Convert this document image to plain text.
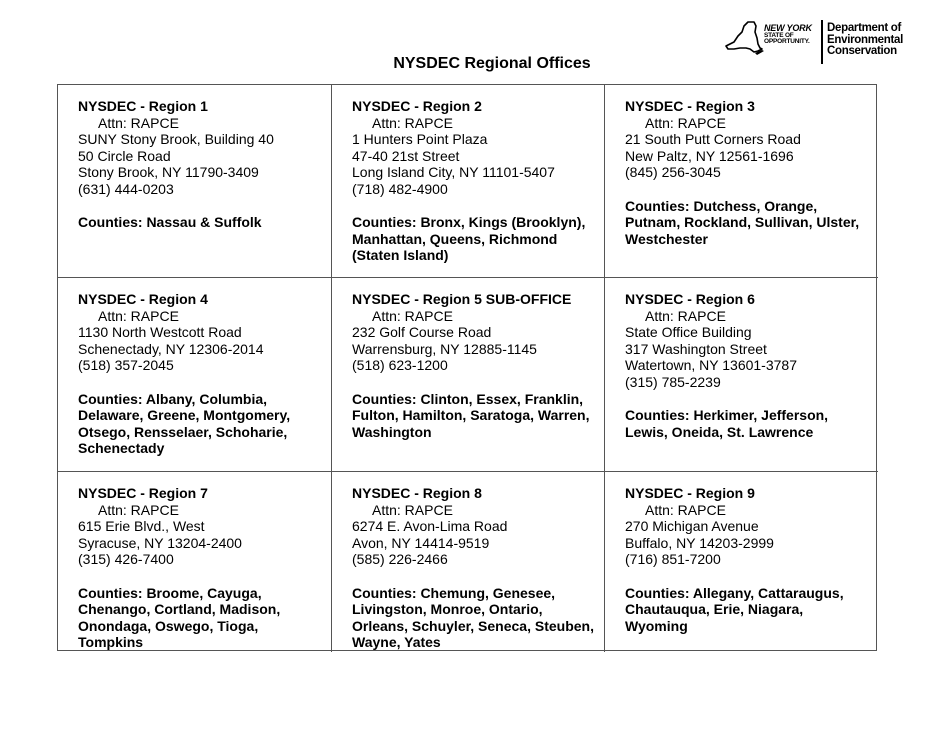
NEW YORK
STATE OF
OPPORTUNITY.
Department of
Environmental
Conservation
NYSDEC Regional Offices
NYSDEC - Region 1
Attn: RAPCE
SUNY Stony Brook, Building 40
50 Circle Road
Stony Brook, NY 11790-3409
(631) 444-0203
Counties: Nassau & Suffolk
NYSDEC - Region 2
Attn: RAPCE
1 Hunters Point Plaza
47-40 21st Street
Long Island City, NY 11101-5407
(718) 482-4900
Counties: Bronx, Kings (Brooklyn), Manhattan, Queens, Richmond (Staten Island)
NYSDEC - Region 3
Attn: RAPCE
21 South Putt Corners Road
New Paltz, NY 12561-1696
(845) 256-3045
Counties: Dutchess, Orange, Putnam, Rockland, Sullivan, Ulster, Westchester
NYSDEC - Region 4
Attn: RAPCE
1130 North Westcott Road
Schenectady, NY 12306-2014
(518) 357-2045
Counties: Albany, Columbia, Delaware, Greene, Montgomery, Otsego, Rensselaer, Schoharie, Schenectady
NYSDEC - Region 5 SUB-OFFICE
Attn: RAPCE
232 Golf Course Road
Warrensburg, NY 12885-1145
(518) 623-1200
Counties: Clinton, Essex, Franklin, Fulton, Hamilton, Saratoga, Warren, Washington
NYSDEC - Region 6
Attn: RAPCE
State Office Building
317 Washington Street
Watertown, NY 13601-3787
(315) 785-2239
Counties: Herkimer, Jefferson, Lewis, Oneida, St. Lawrence
NYSDEC - Region 7
Attn: RAPCE
615 Erie Blvd., West
Syracuse, NY 13204-2400
(315) 426-7400
Counties: Broome, Cayuga, Chenango, Cortland, Madison, Onondaga, Oswego, Tioga, Tompkins
NYSDEC - Region 8
Attn: RAPCE
6274 E. Avon-Lima Road
Avon, NY 14414-9519
(585) 226-2466
Counties: Chemung, Genesee, Livingston, Monroe, Ontario, Orleans, Schuyler, Seneca, Steuben, Wayne, Yates
NYSDEC - Region 9
Attn: RAPCE
270 Michigan Avenue
Buffalo, NY 14203-2999
(716) 851-7200
Counties: Allegany, Cattaraugus, Chautauqua, Erie, Niagara, Wyoming
